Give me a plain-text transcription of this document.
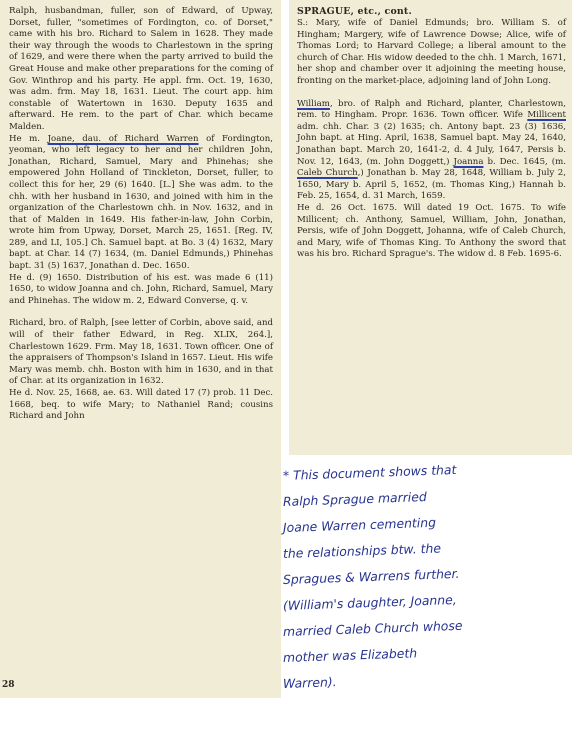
Ralph, husbandman, fuller, son of Edward, of Upway, Dorset, fuller, "sometimes of Fordington, co. of Dorset," came with his bro. Richard to Salem in 1628. They made their way through the woods to Charlestown in the spring of 1629, and were there when the party arrived to build the Great House and make other preparations for the coming of Gov. Winthrop and his party. He appl. frm. Oct. 19, 1630, was adm. frm. May 18, 1631. Lieut. The court app. him constable of Watertown in 1630. Deputy 1635 and afterward. He rem. to the part of Char. which became Malden.

He m. Joane, dau. of Richard Warren of Fordington, yeoman, who left legacy to her and her children John, Jonathan, Richard, Samuel, Mary and Phinehas; she empowered John Holland of Tinckleton, Dorset, fuller, to collect this for her, 29 (6) 1640. [L.] She was adm. to the chh. with her husband in 1630, and joined with him in the organization of the Charlestown chh. in Nov. 1632, and in that of Malden in 1649. His father-in-law, John Corbin, wrote him from Upway, Dorset, March 25, 1651. [Reg. IV, 289, and LI, 105.] Ch. Samuel bapt. at Bo. 3 (4) 1632, Mary bapt. at Char. 14 (7) 1634, (m. Daniel Edmunds,) Phinehas bapt. 31 (5) 1637, Jonathan d. Dec. 1650.

He d. (9) 1650. Distribution of his est. was made 6 (11) 1650, to widow Joanna and ch. John, Richard, Samuel, Mary and Phinehas. The widow m. 2, Edward Converse, q. v.

Richard, bro. of Ralph, [see letter of Corbin, above said, and will of their father Edward, in Reg. XLIX, 264.], Charlestown 1629. Frm. May 18, 1631. Town officer. One of the appraisers of Thompson's Island in 1657. Lieut. His wife Mary was memb. chh. Boston with him in 1630, and in that of Char. at its organization in 1632.

He d. Nov. 25, 1668, ae. 63. Will dated 17 (7) prob. 11 Dec. 1668, beq. to wife Mary; to Nathaniel Rand; cousins Richard and John

28

SPRAGUE, etc., cont.

S.: Mary, wife of Daniel Edmunds; bro. William S. of Hingham; Margery, wife of Lawrence Dowse; Alice, wife of Thomas Lord; to Harvard College; a liberal amount to the church of Char. His widow deeded to the chh. 1 March, 1671, her shop and chamber over it adjoining the meeting house, fronting on the market-place, adjoining land of John Long.

William, bro. of Ralph and Richard, planter, Charlestown, rem. to Hingham. Propr. 1636. Town officer. Wife Millicent adm. chh. Char. 3 (2) 1635; ch. Antony bapt. 23 (3) 1636, John bapt. at Hing. April, 1638, Samuel bapt. May 24, 1640, Jonathan bapt. March 20, 1641-2, d. 4 July, 1647, Persis b. Nov. 12, 1643, (m. John Doggett,) Joanna b. Dec. 1645, (m. Caleb Church,) Jonathan b. May 28, 1648, William b. July 2, 1650, Mary b. April 5, 1652, (m. Thomas King,) Hannah b. Feb. 25, 1654, d. 31 March, 1659.

He d. 26 Oct. 1675. Will dated 19 Oct. 1675. To wife Millicent; ch. Anthony, Samuel, William, John, Jonathan, Persis, wife of John Doggett, Johanna, wife of Caleb Church, and Mary, wife of Thomas King. To Anthony the sword that was his bro. Richard Sprague's. The widow d. 8 Feb. 1695-6.

* This document shows that
Ralph Sprague married
Joane Warren cementing
the relationships btw. the
Spragues & Warrens further.
(William's daughter, Joanne,
married Caleb Church whose
mother was Elizabeth
Warren).
